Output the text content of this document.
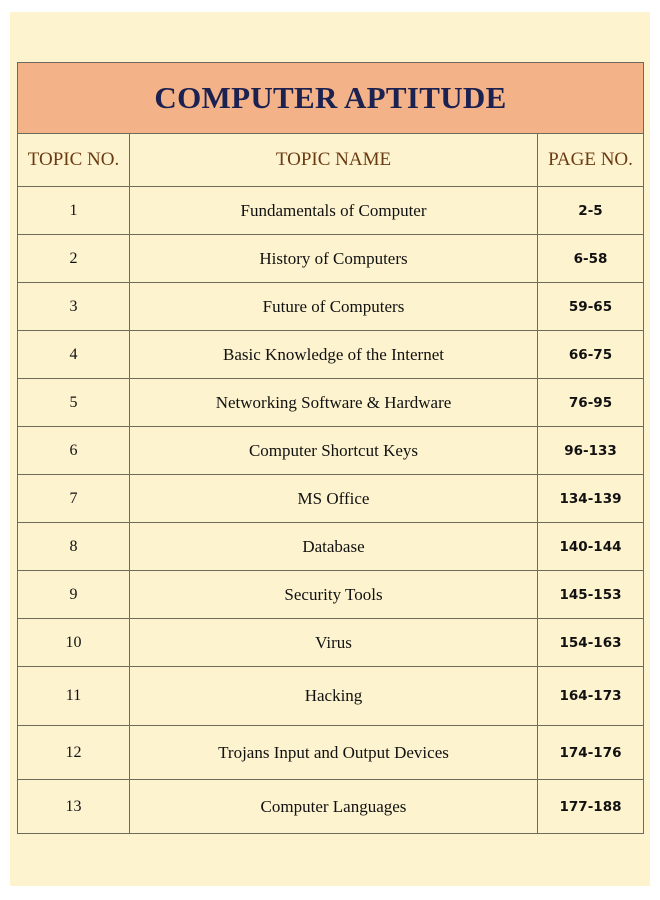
COMPUTER APTITUDE		
TOPIC NO.	TOPIC NAME	PAGE NO.
1	Fundamentals of Computer	2-5
2	History of Computers	6-58
3	Future of Computers	59-65
4	Basic Knowledge of the Internet	66-75
5	Networking Software & Hardware	76-95
6	Computer Shortcut Keys	96-133
7	MS Office	134-139
8	Database	140-144
9	Security Tools	145-153
10	Virus	154-163
11	Hacking	164-173
12	Trojans Input and Output Devices	174-176
13	Computer Languages	177-188
